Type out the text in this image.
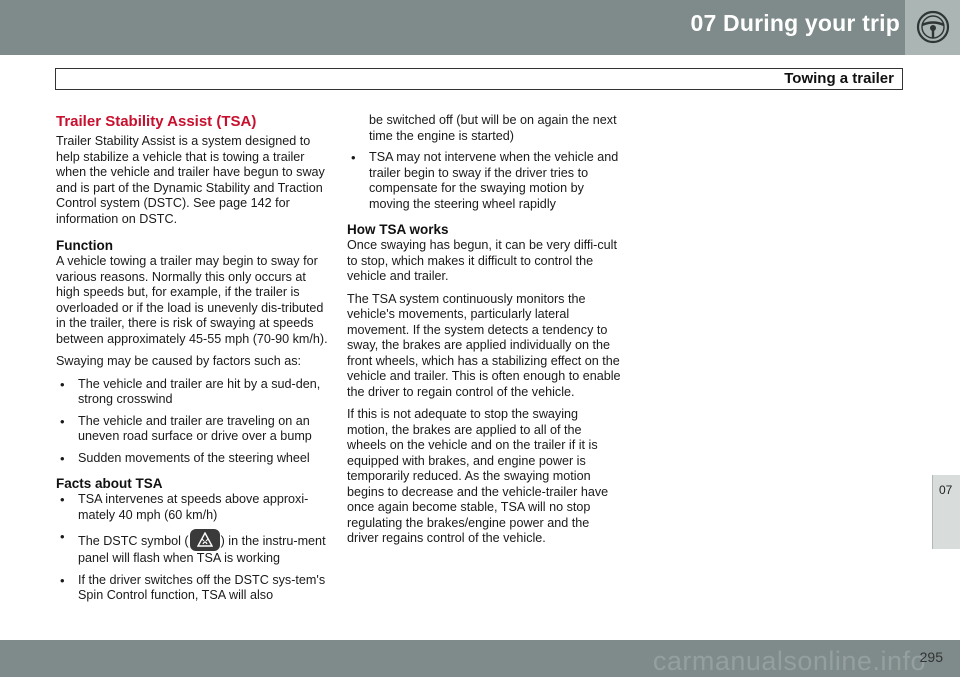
07 During your trip
Towing a trailer
Trailer Stability Assist (TSA)

Trailer Stability Assist is a system designed to help stabilize a vehicle that is towing a trailer when the vehicle and trailer have begun to sway and is part of the Dynamic Stability and Traction Control system (DSTC). See page 142 for information on DSTC.

Function

A vehicle towing a trailer may begin to sway for various reasons. Normally this only occurs at high speeds but, for example, if the trailer is overloaded or if the load is unevenly dis-tributed in the trailer, there is risk of swaying at speeds between approximately 45-55 mph (70-90 km/h).

Swaying may be caused by factors such as:

• The vehicle and trailer are hit by a sud-den, strong crosswind
• The vehicle and trailer are traveling on an uneven road surface or drive over a bump
• Sudden movements of the steering wheel
Facts about TSA
• TSA intervenes at speeds above approxi-mately 40 mph (60 km/h)
• The DSTC symbol (	) in the instru-ment panel will flash when TSA is working
• If the driver switches off the DSTC sys-tem's Spin Control function, TSA will also
be switched off (but will be on again the next time the engine is started)
• TSA may not intervene when the vehicle and trailer begin to sway if the driver tries to compensate for the swaying motion by moving the steering wheel rapidly
How TSA works

Once swaying has begun, it can be very diffi-cult to stop, which makes it difficult to control the vehicle and trailer.

The TSA system continuously monitors the vehicle's movements, particularly lateral movement. If the system detects a tendency to sway, the brakes are applied individually on the front wheels, which has a stabilizing effect on the vehicle and trailer. This is often enough to enable the driver to regain control of the vehicle.

If this is not adequate to stop the swaying motion, the brakes are applied to all of the wheels on the vehicle and on the trailer if it is equipped with brakes, and engine power is temporarily reduced. As the swaying motion begins to decrease and the vehicle-trailer have once again become stable, TSA will no stop regulating the brakes/engine power and the driver regains control of the vehicle.

07
carmanualsonline.info
295
